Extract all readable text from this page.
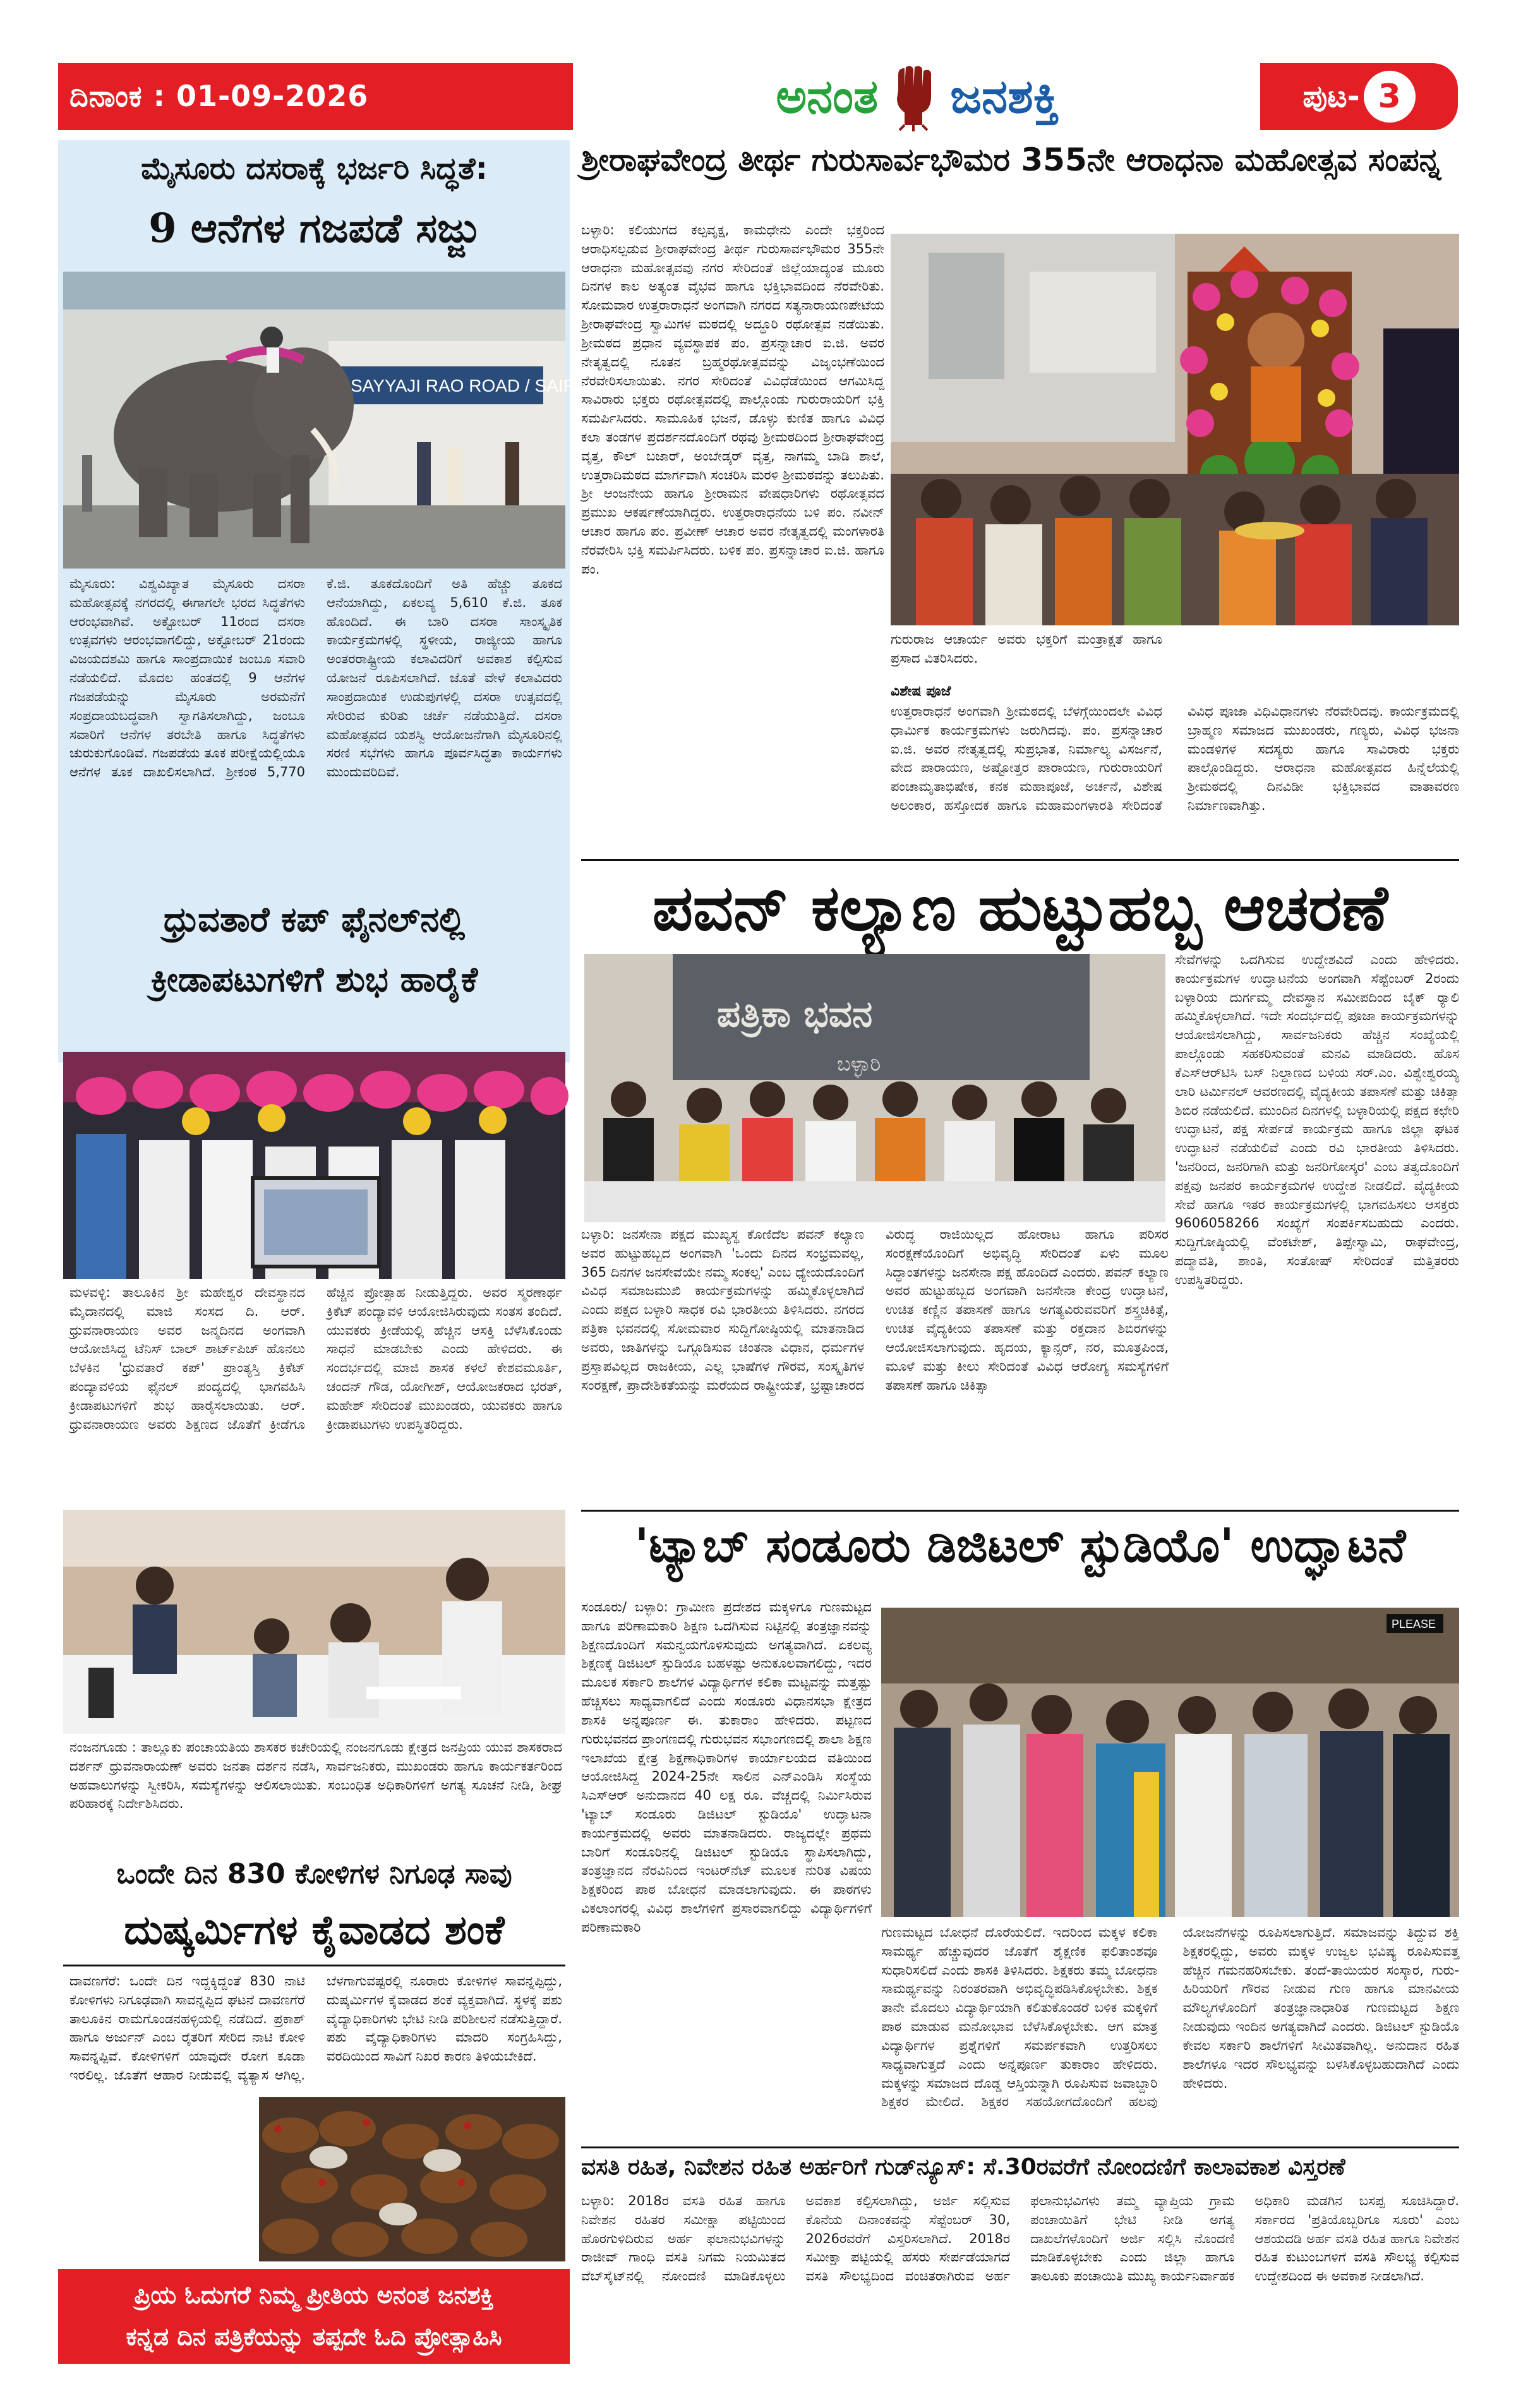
ದಿನಾಂಕ : 01-09-2026	ಅನಂತ ಜನಶಕ್ತಿ	ಪುಟ- 3
ಮೈಸೂರು ದಸರಾಕ್ಕೆ ಭರ್ಜರಿ ಸಿದ್ಧತೆ:
9 ಆನೆಗಳ ಗಜಪಡೆ ಸಜ್ಜು
SAYYAJI RAO ROAD / SAIRAM AND CO
ಮೈಸೂರು: ವಿಶ್ವವಿಖ್ಯಾತ ಮೈಸೂರು ದಸರಾ ಮಹೋತ್ಸವಕ್ಕೆ ನಗರದಲ್ಲಿ ಈಗಾಗಲೇ ಭರದ ಸಿದ್ಧತೆಗಳು ಆರಂಭವಾಗಿವೆ. ಅಕ್ಟೋಬರ್ 11ರಂದ ದಸರಾ ಉತ್ಸವಗಳು ಆರಂಭವಾಗಲಿದ್ದು, ಅಕ್ಟೋಬರ್ 21ರಂದು ವಿಜಯದಶಮಿ ಹಾಗೂ ಸಾಂಪ್ರದಾಯಿಕ ಜಂಬೂ ಸವಾರಿ ನಡೆಯಲಿದೆ. ಮೊದಲ ಹಂತದಲ್ಲಿ 9 ಆನೆಗಳ ಗಜಪಡೆಯನ್ನು ಮೈಸೂರು ಅರಮನೆಗೆ ಸಂಪ್ರದಾಯಬದ್ಧವಾಗಿ ಸ್ವಾಗತಿಸಲಾಗಿದ್ದು, ಜಂಬೂ ಸವಾರಿಗೆ ಆನೆಗಳ ತರಬೇತಿ ಹಾಗೂ ಸಿದ್ಧತೆಗಳು ಚುರುಕುಗೊಂಡಿವೆ. ಗಜಪಡೆಯ ತೂಕ ಪರೀಕ್ಷೆಯಲ್ಲಿಯೂ ಆನೆಗಳ ತೂಕ ದಾಖಲಿಸಲಾಗಿದೆ. ಶ್ರೀಕಂಠ 5,770 ಕೆ.ಜಿ. ತೂಕದೊಂದಿಗೆ ಅತಿ ಹೆಚ್ಚು ತೂಕದ ಆನೆಯಾಗಿದ್ದು, ಏಕಲವ್ಯ 5,610 ಕೆ.ಜಿ. ತೂಕ ಹೊಂದಿದೆ. ಈ ಬಾರಿ ದಸರಾ ಸಾಂಸ್ಕೃತಿಕ ಕಾರ್ಯಕ್ರಮಗಳಲ್ಲಿ ಸ್ಥಳೀಯ, ರಾಜ್ಯೀಯ ಹಾಗೂ ಅಂತರರಾಷ್ಟ್ರೀಯ ಕಲಾವಿದರಿಗೆ ಅವಕಾಶ ಕಲ್ಪಿಸುವ ಯೋಜನೆ ರೂಪಿಸಲಾಗಿದೆ. ಜೊತೆ ವೇಳೆ ಕಲಾವಿದರು ಸಾಂಪ್ರದಾಯಿಕ ಉಡುಪುಗಳಲ್ಲಿ ದಸರಾ ಉತ್ಸವದಲ್ಲಿ ಸೇರಿರುವ ಕುರಿತು ಚರ್ಚೆ ನಡೆಯುತ್ತಿದೆ. ದಸರಾ ಮಹೋತ್ಸವದ ಯಶಸ್ವಿ ಆಯೋಜನೆಗಾಗಿ ಮೈಸೂರಿನಲ್ಲಿ ಸರಣಿ ಸಭೆಗಳು ಹಾಗೂ ಪೂರ್ವಸಿದ್ಧತಾ ಕಾರ್ಯಗಳು ಮುಂದುವರಿದಿವೆ.
ಧ್ರುವತಾರೆ ಕಪ್ ಫೈನಲ್‌ನಲ್ಲಿ
ಕ್ರೀಡಾಪಟುಗಳಿಗೆ ಶುಭ ಹಾರೈಕೆ
ಮಳವಳ್ಳಿ: ತಾಲೂಕಿನ ಶ್ರೀ ಮಹೇಶ್ವರ ದೇವಸ್ಥಾನದ ಮೈದಾನದಲ್ಲಿ ಮಾಜಿ ಸಂಸದ ದಿ. ಆರ್. ಧ್ರುವನಾರಾಯಣ ಅವರ ಜನ್ಮದಿನದ ಅಂಗವಾಗಿ ಆಯೋಜಿಸಿದ್ದ ಟೆನಿಸ್ ಬಾಲ್ ಶಾರ್ಟ್‌ಪಿಚ್ ಹೊನಲು ಬೆಳಕಿನ 'ಧ್ರುವತಾರೆ ಕಪ್' ಪ್ರಾಂತ್ಯಸ್ತಿ ಕ್ರಿಕೆಟ್ ಪಂದ್ಯಾವಳಿಯ ಫೈನಲ್ ಪಂದ್ಯದಲ್ಲಿ ಭಾಗವಹಿಸಿ ಕ್ರೀಡಾಪಟುಗಳಿಗೆ ಶುಭ ಹಾರೈಸಲಾಯಿತು. ಆರ್. ಧ್ರುವನಾರಾಯಣ ಅವರು ಶಿಕ್ಷಣದ ಜೊತೆಗೆ ಕ್ರೀಡೆಗೂ ಹೆಚ್ಚಿನ ಪ್ರೋತ್ಸಾಹ ನೀಡುತ್ತಿದ್ದರು. ಅವರ ಸ್ಮರಣಾರ್ಥ ಕ್ರಿಕೆಟ್ ಪಂದ್ಯಾವಳಿ ಆಯೋಜಿಸಿರುವುದು ಸಂತಸ ತಂದಿದೆ. ಯುವಕರು ಕ್ರೀಡೆಯಲ್ಲಿ ಹೆಚ್ಚಿನ ಆಸಕ್ತಿ ಬೆಳೆಸಿಕೊಂಡು ಸಾಧನೆ ಮಾಡಬೇಕು ಎಂದು ಹೇಳಿದರು. ಈ ಸಂದರ್ಭದಲ್ಲಿ ಮಾಜಿ ಶಾಸಕ ಕಳಲೆ ಕೇಶವಮೂರ್ತಿ, ಚಂದನ್ ಗೌಡ, ಯೋಗೀಶ್, ಆಯೋಜಕರಾದ ಭರತ್, ಮಹೇಶ್ ಸೇರಿದಂತೆ ಮುಖಂಡರು, ಯುವಕರು ಹಾಗೂ ಕ್ರೀಡಾಪಟುಗಳು ಉಪಸ್ಥಿತರಿದ್ದರು.
ನಂಜನಗೂಡು : ತಾಲ್ಲೂಕು ಪಂಚಾಯತಿಯ ಶಾಸಕರ ಕಚೇರಿಯಲ್ಲಿ ನಂಜನಗೂಡು ಕ್ಷೇತ್ರದ ಜನಪ್ರಿಯ ಯುವ ಶಾಸಕರಾದ ದರ್ಶನ್ ಧ್ರುವನಾರಾಯಣ್ ಅವರು ಜನತಾ ದರ್ಶನ ನಡೆಸಿ, ಸಾರ್ವಜನಿಕರು, ಮುಖಂಡರು ಹಾಗೂ ಕಾರ್ಯಕರ್ತರಿಂದ ಅಹವಾಲುಗಳನ್ನು ಸ್ವೀಕರಿಸಿ, ಸಮಸ್ಯೆಗಳನ್ನು ಆಲಿಸಲಾಯಿತು. ಸಂಬಂಧಿತ ಅಧಿಕಾರಿಗಳಿಗೆ ಅಗತ್ಯ ಸೂಚನೆ ನೀಡಿ, ಶೀಘ್ರ ಪರಿಹಾರಕ್ಕೆ ನಿರ್ದೇಶಿಸಿದರು.
ಒಂದೇ ದಿನ 830 ಕೋಳಿಗಳ ನಿಗೂಢ ಸಾವು
ದುಷ್ಕರ್ಮಿಗಳ ಕೈವಾಡದ ಶಂಕೆ
ದಾವಣಗೆರೆ: ಒಂದೇ ದಿನ ಇದ್ದಕ್ಕಿದ್ದಂತೆ 830 ನಾಟಿ ಕೋಳಿಗಳು ನಿಗೂಢವಾಗಿ ಸಾವನ್ನಪ್ಪಿದ ಘಟನೆ ದಾವಣಗೆರೆ ತಾಲೂಕಿನ ರಾಮಗೊಂಡನಹಳ್ಳಿಯಲ್ಲಿ ನಡೆದಿದೆ. ಪ್ರಕಾಶ್ ಹಾಗೂ ಅರ್ಜುನ್ ಎಂಬ ರೈತರಿಗೆ ಸೇರಿದ ನಾಟಿ ಕೋಳಿ ಸಾವನ್ನಪ್ಪಿವೆ. ಕೋಳಿಗಳಿಗೆ ಯಾವುದೇ ರೋಗ ಕೂಡಾ ಇರಲಿಲ್ಲ. ಜೊತೆಗೆ ಆಹಾರ ನೀಡುವಲ್ಲಿ ವ್ಯತ್ಯಾಸ ಆಗಿಲ್ಲ. ಬೆಳಗಾಗುವಷ್ಟರಲ್ಲಿ ನೂರಾರು ಕೋಳಿಗಳ ಸಾವನ್ನಪ್ಪಿದ್ದು, ದುಷ್ಕರ್ಮಿಗಳ ಕೈವಾಡದ ಶಂಕೆ ವ್ಯಕ್ತವಾಗಿದೆ. ಸ್ಥಳಕ್ಕೆ ಪಶು ವೈದ್ಯಾಧಿಕಾರಿಗಳು ಭೇಟಿ ನೀಡಿ ಪರಿಶೀಲನೆ ನಡೆಸುತ್ತಿದ್ದಾರೆ. ಪಶು ವೈದ್ಯಾಧಿಕಾರಿಗಳು ಮಾದರಿ ಸಂಗ್ರಹಿಸಿದ್ದು, ವರದಿಯಿಂದ ಸಾವಿಗೆ ನಿಖರ ಕಾರಣ ತಿಳಿಯಬೇಕಿದೆ.
ಪ್ರಿಯ ಓದುಗರೆ ನಿಮ್ಮ ಪ್ರೀತಿಯ ಅನಂತ ಜನಶಕ್ತಿ
ಕನ್ನಡ ದಿನ ಪತ್ರಿಕೆಯನ್ನು ತಪ್ಪದೇ ಓದಿ ಪ್ರೋತ್ಸಾಹಿಸಿ
ಶ್ರೀರಾಘವೇಂದ್ರ ತೀರ್ಥ ಗುರುಸಾರ್ವಭೌಮರ 355ನೇ ಆರಾಧನಾ ಮಹೋತ್ಸವ ಸಂಪನ್ನ
ಬಳ್ಳಾರಿ: ಕಲಿಯುಗದ ಕಲ್ಪವೃಕ್ಷ, ಕಾಮಧೇನು ಎಂದೇ ಭಕ್ತರಿಂದ ಆರಾಧಿಸಲ್ಪಡುವ ಶ್ರೀರಾಘವೇಂದ್ರ ತೀರ್ಥ ಗುರುಸಾರ್ವಭೌಮರ 355ನೇ ಆರಾಧನಾ ಮಹೋತ್ಸವವು ನಗರ ಸೇರಿದಂತೆ ಜಿಲ್ಲೆಯಾದ್ಯಂತ ಮೂರು ದಿನಗಳ ಕಾಲ ಅತ್ಯಂತ ವೈಭವ ಹಾಗೂ ಭಕ್ತಿಭಾವದಿಂದ ನೆರವೇರಿತು. ಸೋಮವಾರ ಉತ್ತರಾರಾಧನೆ ಅಂಗವಾಗಿ ನಗರದ ಸತ್ಯನಾರಾಯಣಪೇಟೆಯ ಶ್ರೀರಾಘವೇಂದ್ರ ಸ್ವಾಮಿಗಳ ಮಠದಲ್ಲಿ ಅದ್ಧೂರಿ ರಥೋತ್ಸವ ನಡೆಯಿತು. ಶ್ರೀಮಠದ ಪ್ರಧಾನ ವ್ಯವಸ್ಥಾಪಕ ಪಂ. ಪ್ರಸನ್ನಾಚಾರ ಐ.ಜಿ. ಅವರ ನೇತೃತ್ವದಲ್ಲಿ ನೂತನ ಬ್ರಹ್ಮರಥೋತ್ಸವವನ್ನು ವಿಜೃಂಭಣೆಯಿಂದ ನೆರವೇರಿಸಲಾಯಿತು. ನಗರ ಸೇರಿದಂತೆ ವಿವಿಧೆಡೆಯಿಂದ ಆಗಮಿಸಿದ್ದ ಸಾವಿರಾರು ಭಕ್ತರು ರಥೋತ್ಸವದಲ್ಲಿ ಪಾಲ್ಗೊಂಡು ಗುರುರಾಯರಿಗೆ ಭಕ್ತಿ ಸಮರ್ಪಿಸಿದರು. ಸಾಮೂಹಿಕ ಭಜನೆ, ಡೊಳ್ಳು ಕುಣಿತ ಹಾಗೂ ವಿವಿಧ ಕಲಾ ತಂಡಗಳ ಪ್ರದರ್ಶನದೊಂದಿಗೆ ರಥವು ಶ್ರೀಮಠದಿಂದ ಶ್ರೀರಾಘವೇಂದ್ರ ವೃತ್ತ, ಕೌಲ್ ಬಜಾರ್, ಅಂಬೇಡ್ಕರ್ ವೃತ್ತ, ನಾಗಮ್ಮ ಬಾಡಿ ಶಾಲೆ, ಉತ್ತರಾದಿಮಠದ ಮಾರ್ಗವಾಗಿ ಸಂಚರಿಸಿ ಮರಳಿ ಶ್ರೀಮಠವನ್ನು ತಲುಪಿತು. ಶ್ರೀ ಆಂಜನೇಯ ಹಾಗೂ ಶ್ರೀರಾಮನ ವೇಷಧಾರಿಗಳು ರಥೋತ್ಸವದ ಪ್ರಮುಖ ಆಕರ್ಷಣೆಯಾಗಿದ್ದರು. ಉತ್ತರಾರಾಧನೆಯ ಬಳಿ ಪಂ. ನವೀನ್ ಆಚಾರ ಹಾಗೂ ಪಂ. ಪ್ರವೀಣ್ ಆಚಾರ ಅವರ ನೇತೃತ್ವದಲ್ಲಿ ಮಂಗಳಾರತಿ ನೆರವೇರಿಸಿ ಭಕ್ತಿ ಸಮರ್ಪಿಸಿದರು. ಬಳಿಕ ಪಂ. ಪ್ರಸನ್ನಾಚಾರ ಐ.ಜಿ. ಹಾಗೂ ಪಂ.
ಗುರುರಾಜ ಆಚಾರ್ಯ ಅವರು ಭಕ್ತರಿಗೆ ಮಂತ್ರಾಕ್ಷತೆ ಹಾಗೂ ಪ್ರಸಾದ ವಿತರಿಸಿದರು.
ವಿಶೇಷ ಪೂಜೆ
ಉತ್ತರಾರಾಧನೆ ಅಂಗವಾಗಿ ಶ್ರೀಮಠದಲ್ಲಿ ಬೆಳಗ್ಗೆಯಿಂದಲೇ ವಿವಿಧ ಧಾರ್ಮಿಕ ಕಾರ್ಯಕ್ರಮಗಳು ಜರುಗಿದವು. ಪಂ. ಪ್ರಸನ್ನಾಚಾರ ಐ.ಜಿ. ಅವರ ನೇತೃತ್ವದಲ್ಲಿ ಸುಪ್ರಭಾತ, ನಿರ್ಮಾಲ್ಯ ವಿಸರ್ಜನೆ, ವೇದ ಪಾರಾಯಣ, ಅಷ್ಟೋತ್ತರ ಪಾರಾಯಣ, ಗುರುರಾಯರಿಗೆ ಪಂಚಾಮೃತಾಭಿಷೇಕ, ಕನಕ ಮಹಾಪೂಜೆ, ಅರ್ಚನೆ, ವಿಶೇಷ ಅಲಂಕಾರ, ಹಸ್ತೋದಕ ಹಾಗೂ ಮಹಾಮಂಗಳಾರತಿ ಸೇರಿದಂತೆ ವಿವಿಧ ಪೂಜಾ ವಿಧಿವಿಧಾನಗಳು ನೆರವೇರಿದವು. ಕಾರ್ಯಕ್ರಮದಲ್ಲಿ ಬ್ರಾಹ್ಮಣ ಸಮಾಜದ ಮುಖಂಡರು, ಗಣ್ಯರು, ವಿವಿಧ ಭಜನಾ ಮಂಡಳಿಗಳ ಸದಸ್ಯರು ಹಾಗೂ ಸಾವಿರಾರು ಭಕ್ತರು ಪಾಲ್ಗೊಂಡಿದ್ದರು. ಆರಾಧನಾ ಮಹೋತ್ಸವದ ಹಿನ್ನೆಲೆಯಲ್ಲಿ ಶ್ರೀಮಠದಲ್ಲಿ ದಿನವಿಡೀ ಭಕ್ತಿಭಾವದ ವಾತಾವರಣ ನಿರ್ಮಾಣವಾಗಿತ್ತು.
ಪವನ್ ಕಲ್ಯಾಣ ಹುಟ್ಟುಹಬ್ಬ ಆಚರಣೆ
ಪತ್ರಿಕಾ ಭವನ
ಬಳ್ಳಾರಿ
ಬಳ್ಳಾರಿ: ಜನಸೇನಾ ಪಕ್ಷದ ಮುಖ್ಯಸ್ಥ ಕೊಣಿದೆಲ ಪವನ್ ಕಲ್ಯಾಣ ಅವರ ಹುಟ್ಟುಹಬ್ಬದ ಅಂಗವಾಗಿ 'ಒಂದು ದಿನದ ಸಂಭ್ರಮವಲ್ಲ, 365 ದಿನಗಳ ಜನಸೇವೆಯೇ ನಮ್ಮ ಸಂಕಲ್ಪ' ಎಂಬ ಧ್ಯೇಯದೊಂದಿಗೆ ವಿವಿಧ ಸಮಾಜಮುಖಿ ಕಾರ್ಯಕ್ರಮಗಳನ್ನು ಹಮ್ಮಿಕೊಳ್ಳಲಾಗಿದೆ ಎಂದು ಪಕ್ಷದ ಬಳ್ಳಾರಿ ಸಾಧಕ ರವಿ ಭಾರತೀಯ ತಿಳಿಸಿದರು. ನಗರದ ಪತ್ರಿಕಾ ಭವನದಲ್ಲಿ ಸೋಮವಾರ ಸುದ್ದಿಗೋಷ್ಠಿಯಲ್ಲಿ ಮಾತನಾಡಿದ ಅವರು, ಜಾತಿಗಳನ್ನು ಒಗ್ಗೂಡಿಸುವ ಚಿಂತನಾ ವಿಧಾನ, ಧರ್ಮಗಳ ಪ್ರಸ್ತಾಪವಿಲ್ಲದ ರಾಜಕೀಯ, ಎಲ್ಲ ಭಾಷೆಗಳ ಗೌರವ, ಸಂಸ್ಕೃತಿಗಳ ಸಂರಕ್ಷಣೆ, ಪ್ರಾದೇಶಿಕತೆಯನ್ನು ಮರೆಯದ ರಾಷ್ಟ್ರೀಯತೆ, ಭ್ರಷ್ಟಾಚಾರದ ವಿರುದ್ಧ ರಾಜಿಯಿಲ್ಲದ ಹೋರಾಟ ಹಾಗೂ ಪರಿಸರ ಸಂರಕ್ಷಣೆಯೊಂದಿಗೆ ಅಭಿವೃದ್ಧಿ ಸೇರಿದಂತೆ ಏಳು ಮೂಲ ಸಿದ್ಧಾಂತಗಳನ್ನು ಜನಸೇನಾ ಪಕ್ಷ ಹೊಂದಿದೆ ಎಂದರು. ಪವನ್ ಕಲ್ಯಾಣ ಅವರ ಹುಟ್ಟುಹಬ್ಬದ ಅಂಗವಾಗಿ ಜನಸೇನಾ ಕೇಂದ್ರ ಉದ್ಘಾಟನೆ, ಉಚಿತ ಕಣ್ಣಿನ ತಪಾಸಣೆ ಹಾಗೂ ಅಗತ್ಯವಿರುವವರಿಗೆ ಶಸ್ತ್ರಚಿಕಿತ್ಸೆ, ಉಚಿತ ವೈದ್ಯಕೀಯ ತಪಾಸಣೆ ಮತ್ತು ರಕ್ತದಾನ ಶಿಬಿರಗಳನ್ನು ಆಯೋಜಿಸಲಾಗುವುದು. ಹೃದಯ, ಕ್ಯಾನ್ಸರ್, ನರ, ಮೂತ್ರಪಿಂಡ, ಮೂಳೆ ಮತ್ತು ಕೀಲು ಸೇರಿದಂತೆ ವಿವಿಧ ಆರೋಗ್ಯ ಸಮಸ್ಯೆಗಳಿಗೆ ತಪಾಸಣೆ ಹಾಗೂ ಚಿಕಿತ್ಸಾ
ಸೇವೆಗಳನ್ನು ಒದಗಿಸುವ ಉದ್ದೇಶವಿದೆ ಎಂದು ಹೇಳಿದರು. ಕಾರ್ಯಕ್ರಮಗಳ ಉದ್ಘಾಟನೆಯ ಅಂಗವಾಗಿ ಸೆಪ್ಟೆಂಬರ್ 2ರಂದು ಬಳ್ಳಾರಿಯ ದುರ್ಗಮ್ಮ ದೇವಸ್ಥಾನ ಸಮೀಪದಿಂದ ಬೈಕ್ ರ‍್ಯಾಲಿ ಹಮ್ಮಿಕೊಳ್ಳಲಾಗಿದೆ. ಇದೇ ಸಂದರ್ಭದಲ್ಲಿ ಪೂಜಾ ಕಾರ್ಯಕ್ರಮಗಳನ್ನು ಆಯೋಜಿಸಲಾಗಿದ್ದು, ಸಾರ್ವಜನಿಕರು ಹೆಚ್ಚಿನ ಸಂಖ್ಯೆಯಲ್ಲಿ ಪಾಲ್ಗೊಂಡು ಸಹಕರಿಸುವಂತೆ ಮನವಿ ಮಾಡಿದರು. ಹೊಸ ಕೆಎಸ್‌ಆರ್‌ಟಿಸಿ ಬಸ್ ನಿಲ್ದಾಣದ ಬಳಿಯ ಸರ್.ಎಂ. ವಿಶ್ವೇಶ್ವರಯ್ಯ ಲಾರಿ ಟರ್ಮಿನಲ್ ಆವರಣದಲ್ಲಿ ವೈದ್ಯಕೀಯ ತಪಾಸಣೆ ಮತ್ತು ಚಿಕಿತ್ಸಾ ಶಿಬಿರ ನಡೆಯಲಿದೆ. ಮುಂದಿನ ದಿನಗಳಲ್ಲಿ ಬಳ್ಳಾರಿಯಲ್ಲಿ ಪಕ್ಷದ ಕಛೇರಿ ಉದ್ಘಾಟನೆ, ಪಕ್ಷ ಸೇರ್ಪಡೆ ಕಾರ್ಯಕ್ರಮ ಹಾಗೂ ಜಿಲ್ಲಾ ಘಟಕ ಉದ್ಘಾಟನೆ ನಡೆಯಲಿವೆ ಎಂದು ರವಿ ಭಾರತೀಯ ತಿಳಿಸಿದರು. 'ಜನರಿಂದ, ಜನರಿಗಾಗಿ ಮತ್ತು ಜನರಿಗೋಸ್ಕರ' ಎಂಬ ತತ್ವದೊಂದಿಗೆ ಪಕ್ಷವು ಜನಪರ ಕಾರ್ಯಕ್ರಮಗಳ ಉದ್ದೇಶ ನೀಡಲಿದೆ. ವೈದ್ಯಕೀಯ ಸೇವೆ ಹಾಗೂ ಇತರ ಕಾರ್ಯಕ್ರಮಗಳಲ್ಲಿ ಭಾಗವಹಿಸಲು ಆಸಕ್ತರು 9606058266 ಸಂಖ್ಯೆಗೆ ಸಂಪರ್ಕಿಸಬಹುದು ಎಂದರು. ಸುದ್ದಿಗೋಷ್ಠಿಯಲ್ಲಿ ವೆಂಕಟೇಶ್, ತಿಪ್ಪೇಸ್ವಾಮಿ, ರಾಘವೇಂದ್ರ, ಪದ್ಮಾವತಿ, ಶಾಂತಿ, ಸಂತೋಷ್ ಸೇರಿದಂತೆ ಮತ್ತಿತರರು ಉಪಸ್ಥಿತರಿದ್ದರು.
'ಟ್ಯಾಬ್ ಸಂಡೂರು ಡಿಜಿಟಲ್ ಸ್ಟುಡಿಯೊ' ಉದ್ಘಾಟನೆ
ಸಂಡೂರು/ ಬಳ್ಳಾರಿ: ಗ್ರಾಮೀಣ ಪ್ರದೇಶದ ಮಕ್ಕಳಿಗೂ ಗುಣಮಟ್ಟದ ಹಾಗೂ ಪರಿಣಾಮಕಾರಿ ಶಿಕ್ಷಣ ಒದಗಿಸುವ ನಿಟ್ಟಿನಲ್ಲಿ ತಂತ್ರಜ್ಞಾನವನ್ನು ಶಿಕ್ಷಣದೊಂದಿಗೆ ಸಮನ್ವಯಗೊಳಿಸುವುದು ಅಗತ್ಯವಾಗಿದೆ. ಏಕಲವ್ಯ ಶಿಕ್ಷಣಕ್ಕೆ ಡಿಜಿಟಲ್ ಸ್ಟುಡಿಯೊ ಬಹಳಷ್ಟು ಅನುಕೂಲವಾಗಲಿದ್ದು, ಇದರ ಮೂಲಕ ಸರ್ಕಾರಿ ಶಾಲೆಗಳ ವಿದ್ಯಾರ್ಥಿಗಳ ಕಲಿಕಾ ಮಟ್ಟವನ್ನು ಮತ್ತಷ್ಟು ಹೆಚ್ಚಿಸಲು ಸಾಧ್ಯವಾಗಲಿದೆ ಎಂದು ಸಂಡೂರು ವಿಧಾನಸಭಾ ಕ್ಷೇತ್ರದ ಶಾಸಕಿ ಅನ್ನಪೂರ್ಣ ಈ. ತುಕಾರಾಂ ಹೇಳಿದರು. ಪಟ್ಟಣದ ಗುರುಭವನದ ಪ್ರಾಂಗಣದಲ್ಲಿ ಗುರುಭವನ ಸಭಾಂಗಣದಲ್ಲಿ ಶಾಲಾ ಶಿಕ್ಷಣ ಇಲಾಖೆಯ ಕ್ಷೇತ್ರ ಶಿಕ್ಷಣಾಧಿಕಾರಿಗಳ ಕಾರ್ಯಾಲಯದ ವತಿಯಿಂದ ಆಯೋಜಿಸಿದ್ದ 2024-25ನೇ ಸಾಲಿನ ಎನ್‌ಎಂಡಿಸಿ ಸಂಸ್ಥೆಯ ಸಿಎಸ್‌ಆರ್ ಅನುದಾನದ 40 ಲಕ್ಷ ರೂ. ವೆಚ್ಚದಲ್ಲಿ ನಿರ್ಮಿಸಿರುವ 'ಟ್ಯಾಬ್ ಸಂಡೂರು ಡಿಜಿಟಲ್ ಸ್ಟುಡಿಯೊ' ಉದ್ಘಾಟನಾ ಕಾರ್ಯಕ್ರಮದಲ್ಲಿ ಅವರು ಮಾತನಾಡಿದರು. ರಾಜ್ಯದಲ್ಲೇ ಪ್ರಥಮ ಬಾರಿಗೆ ಸಂಡೂರಿನಲ್ಲಿ ಡಿಜಿಟಲ್ ಸ್ಟುಡಿಯೊ ಸ್ಥಾಪಿಸಲಾಗಿದ್ದು, ತಂತ್ರಜ್ಞಾನದ ನೆರವಿನಿಂದ ಇಂಟರ್‌ನೆಟ್ ಮೂಲಕ ನುರಿತ ವಿಷಯ ಶಿಕ್ಷಕರಿಂದ ಪಾಠ ಬೋಧನೆ ಮಾಡಲಾಗುವುದು. ಈ ಪಾಠಗಳು ವಿಕಲಾಂಗರಲ್ಲಿ ವಿವಿಧ ಶಾಲೆಗಳಿಗೆ ಪ್ರಸಾರವಾಗಲಿದ್ದು ವಿದ್ಯಾರ್ಥಿಗಳಿಗೆ ಪರಿಣಾಮಕಾರಿ
PLEASE
ಗುಣಮಟ್ಟದ ಬೋಧನೆ ದೊರೆಯಲಿದೆ. ಇದರಿಂದ ಮಕ್ಕಳ ಕಲಿಕಾ ಸಾಮರ್ಥ್ಯ ಹೆಚ್ಚುವುದರ ಜೊತೆಗೆ ಶೈಕ್ಷಣಿಕ ಫಲಿತಾಂಶವೂ ಸುಧಾರಿಸಲಿದೆ ಎಂದು ಶಾಸಕಿ ತಿಳಿಸಿದರು. ಶಿಕ್ಷಕರು ತಮ್ಮ ಬೋಧನಾ ಸಾಮರ್ಥ್ಯವನ್ನು ನಿರಂತರವಾಗಿ ಅಭಿವೃದ್ಧಿಪಡಿಸಿಕೊಳ್ಳಬೇಕು. ಶಿಕ್ಷಕ ತಾನೇ ಮೊದಲು ವಿದ್ಯಾರ್ಥಿಯಾಗಿ ಕಲಿತುಕೊಂಡರೆ ಬಳಿಕ ಮಕ್ಕಳಿಗೆ ಪಾಠ ಮಾಡುವ ಮನೋಭಾವ ಬೆಳೆಸಿಕೊಳ್ಳಬೇಕು. ಆಗ ಮಾತ್ರ ವಿದ್ಯಾರ್ಥಿಗಳ ಪ್ರಶ್ನೆಗಳಿಗೆ ಸಮರ್ಪಕವಾಗಿ ಉತ್ತರಿಸಲು ಸಾಧ್ಯವಾಗುತ್ತದೆ ಎಂದು ಅನ್ನಪೂರ್ಣ ತುಕಾರಾಂ ಹೇಳಿದರು. ಮಕ್ಕಳನ್ನು ಸಮಾಜದ ದೊಡ್ಡ ಆಸ್ತಿಯನ್ನಾಗಿ ರೂಪಿಸುವ ಜವಾಬ್ದಾರಿ ಶಿಕ್ಷಕರ ಮೇಲಿದೆ. ಶಿಕ್ಷಕರ ಸಹಯೋಗದೊಂದಿಗೆ ಹಲವು ಯೋಜನೆಗಳನ್ನು ರೂಪಿಸಲಾಗುತ್ತಿದೆ. ಸಮಾಜವನ್ನು ತಿದ್ದುವ ಶಕ್ತಿ ಶಿಕ್ಷಕರಲ್ಲಿದ್ದು, ಅವರು ಮಕ್ಕಳ ಉಜ್ವಲ ಭವಿಷ್ಯ ರೂಪಿಸುವತ್ತ ಹೆಚ್ಚಿನ ಗಮನಹರಿಸಬೇಕು. ತಂದೆ-ತಾಯಿಯರ ಸಂಸ್ಕಾರ, ಗುರು-ಹಿರಿಯರಿಗೆ ಗೌರವ ನೀಡುವ ಗುಣ ಹಾಗೂ ಮಾನವೀಯ ಮೌಲ್ಯಗಳೊಂದಿಗೆ ತಂತ್ರಜ್ಞಾನಾಧಾರಿತ ಗುಣಮಟ್ಟದ ಶಿಕ್ಷಣ ನೀಡುವುದು ಇಂದಿನ ಅಗತ್ಯವಾಗಿದೆ ಎಂದರು. ಡಿಜಿಟಲ್ ಸ್ಟುಡಿಯೊ ಕೇವಲ ಸರ್ಕಾರಿ ಶಾಲೆಗಳಿಗೆ ಸೀಮಿತವಾಗಿಲ್ಲ. ಅನುದಾನ ರಹಿತ ಶಾಲೆಗಳೂ ಇದರ ಸೌಲಭ್ಯವನ್ನು ಬಳಸಿಕೊಳ್ಳಬಹುದಾಗಿದೆ ಎಂದು ಹೇಳಿದರು.
ವಸತಿ ರಹಿತ, ನಿವೇಶನ ರಹಿತ ಅರ್ಹರಿಗೆ ಗುಡ್‌ನ್ಯೂಸ್: ಸೆ.30ರವರೆಗೆ ನೋಂದಣಿಗೆ ಕಾಲಾವಕಾಶ ವಿಸ್ತರಣೆ
ಬಳ್ಳಾರಿ: 2018ರ ವಸತಿ ರಹಿತ ಹಾಗೂ ನಿವೇಶನ ರಹಿತರ ಸಮೀಕ್ಷಾ ಪಟ್ಟಿಯಿಂದ ಹೊರಗುಳಿದಿರುವ ಅರ್ಹ ಫಲಾನುಭವಿಗಳನ್ನು ರಾಜೀವ್ ಗಾಂಧಿ ವಸತಿ ನಿಗಮ ನಿಯಮಿತದ ವೆಬ್‌ಸೈಟ್‌ನಲ್ಲಿ ನೋಂದಣಿ ಮಾಡಿಕೊಳ್ಳಲು ಅವಕಾಶ ಕಲ್ಪಿಸಲಾಗಿದ್ದು, ಅರ್ಜಿ ಸಲ್ಲಿಸುವ ಕೊನೆಯ ದಿನಾಂಕವನ್ನು ಸೆಪ್ಟೆಂಬರ್ 30, 2026ರವರೆಗೆ ವಿಸ್ತರಿಸಲಾಗಿದೆ. 2018ರ ಸಮೀಕ್ಷಾ ಪಟ್ಟಿಯಲ್ಲಿ ಹೆಸರು ಸೇರ್ಪಡೆಯಾಗದೆ ವಸತಿ ಸೌಲಭ್ಯದಿಂದ ವಂಚಿತರಾಗಿರುವ ಅರ್ಹ ಫಲಾನುಭವಿಗಳು ತಮ್ಮ ವ್ಯಾಪ್ತಿಯ ಗ್ರಾಮ ಪಂಚಾಯಿತಿಗೆ ಭೇಟಿ ನೀಡಿ ಅಗತ್ಯ ದಾಖಲೆಗಳೊಂದಿಗೆ ಅರ್ಜಿ ಸಲ್ಲಿಸಿ ನೊಂದಣಿ ಮಾಡಿಕೊಳ್ಳಬೇಕು ಎಂದು ಜಿಲ್ಲಾ ಹಾಗೂ ತಾಲೂಕು ಪಂಚಾಯಿತಿ ಮುಖ್ಯ ಕಾರ್ಯನಿರ್ವಾಹಕ ಅಧಿಕಾರಿ ಮಡಗಿನ ಬಸಪ್ಪ ಸೂಚಿಸಿದ್ದಾರೆ. ಸರ್ಕಾರದ 'ಪ್ರತಿಯೊಬ್ಬರಿಗೂ ಸೂರು' ಎಂಬ ಆಶಯದಡಿ ಅರ್ಹ ವಸತಿ ರಹಿತ ಹಾಗೂ ನಿವೇಶನ ರಹಿತ ಕುಟುಂಬಗಳಿಗೆ ವಸತಿ ಸೌಲಭ್ಯ ಕಲ್ಪಿಸುವ ಉದ್ದೇಶದಿಂದ ಈ ಅವಕಾಶ ನೀಡಲಾಗಿದೆ.
